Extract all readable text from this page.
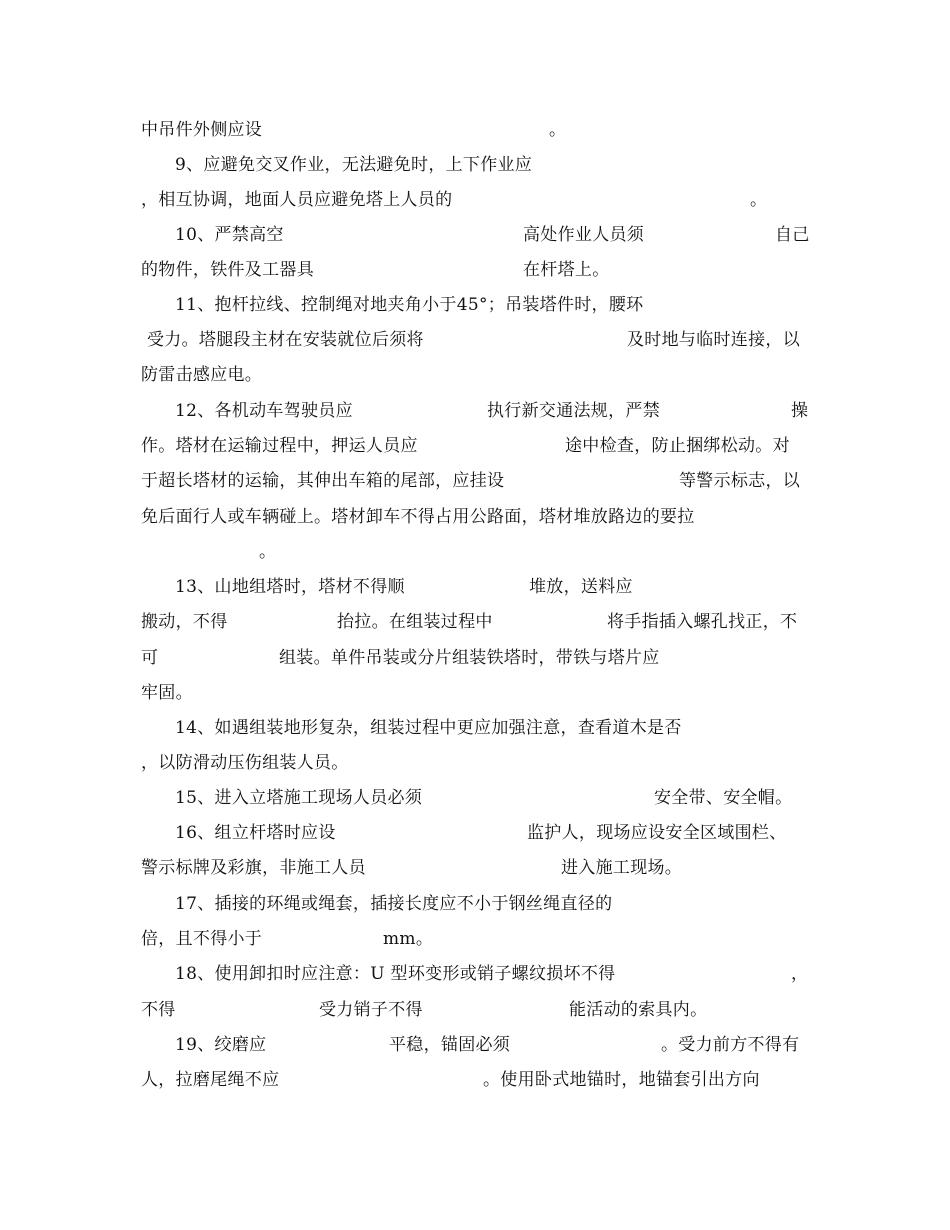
中吊件外侧应设	。
9、应避免交叉作业，无法避免时，上下作业应
，相互协调，地面人员应避免塔上人员的	。
10、严禁高空	高处作业人员须	自己
的物件，铁件及工器具	在杆塔上。
11、抱杆拉线、控制绳对地夹角小于45°；吊装塔件时，腰环
受力。塔腿段主材在安装就位后须将	及时地与临时连接，以
防雷击感应电。
12、各机动车驾驶员应	执行新交通法规，严禁	操
作。塔材在运输过程中，押运人员应	途中检查，防止捆绑松动。对
于超长塔材的运输，其伸出车箱的尾部，应挂设	等警示标志，以
免后面行人或车辆碰上。塔材卸车不得占用公路面，塔材堆放路边的要拉
。
13、山地组塔时，塔材不得顺	堆放，送料应
搬动，不得	抬拉。在组装过程中	将手指插入螺孔找正，不
可	组装。单件吊装或分片组装铁塔时，带铁与塔片应
牢固。
14、如遇组装地形复杂，组装过程中更应加强注意，查看道木是否
，以防滑动压伤组装人员。
15、进入立塔施工现场人员必须	安全带、安全帽。
16、组立杆塔时应设	监护人，现场应设安全区域围栏、
警示标牌及彩旗，非施工人员	进入施工现场。
17、插接的环绳或绳套，插接长度应不小于钢丝绳直径的
倍，且不得小于	mm。
18、使用卸扣时应注意：U 型环变形或销子螺纹损坏不得	，
不得	受力销子不得	能活动的索具内。
19、绞磨应	平稳，锚固必须	。受力前方不得有
人，拉磨尾绳不应	。使用卧式地锚时，地锚套引出方向
